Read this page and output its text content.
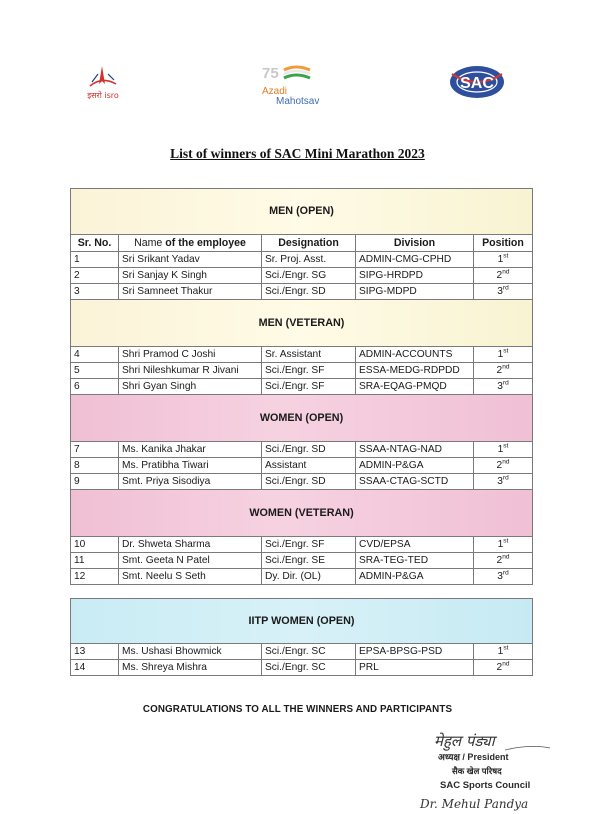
इसरो isro
75
Azadi
Mahotsav
SAC
List of winners of SAC Mini Marathon 2023
MEN (OPEN)				
Sr. No.	Name of the employee	Designation	Division	Position
1	Sri Srikant Yadav	Sr. Proj. Asst.	ADMIN-CMG-CPHD	1st
2	Sri Sanjay K Singh	Sci./Engr. SG	SIPG-HRDPD	2nd
3	Sri Samneet Thakur	Sci./Engr. SD	SIPG-MDPD	3rd
MEN (VETERAN)				
4	Shri Pramod C Joshi	Sr. Assistant	ADMIN-ACCOUNTS	1st
5	Shri Nileshkumar R Jivani	Sci./Engr. SF	ESSA-MEDG-RDPDD	2nd
6	Shri Gyan Singh	Sci./Engr. SF	SRA-EQAG-PMQD	3rd
WOMEN (OPEN)				
7	Ms. Kanika Jhakar	Sci./Engr. SD	SSAA-NTAG-NAD	1st
8	Ms. Pratibha Tiwari	Assistant	ADMIN-P&GA	2nd
9	Smt. Priya Sisodiya	Sci./Engr. SD	SSAA-CTAG-SCTD	3rd
WOMEN (VETERAN)				
10	Dr. Shweta Sharma	Sci./Engr. SF	CVD/EPSA	1st
11	Smt. Geeta N Patel	Sci./Engr. SE	SRA-TEG-TED	2nd
12	Smt. Neelu S Seth	Dy. Dir. (OL)	ADMIN-P&GA	3rd
IITP WOMEN (OPEN)				
13	Ms. Ushasi Bhowmick	Sci./Engr. SC	EPSA-BPSG-PSD	1st
14	Ms. Shreya Mishra	Sci./Engr. SC	PRL	2nd
CONGRATULATIONS TO ALL THE WINNERS AND PARTICIPANTS
मेहुल पंड्या
Dr. Mehul Pandya
अध्यक्ष / President
सैक खेल परिषद
SAC Sports Council
